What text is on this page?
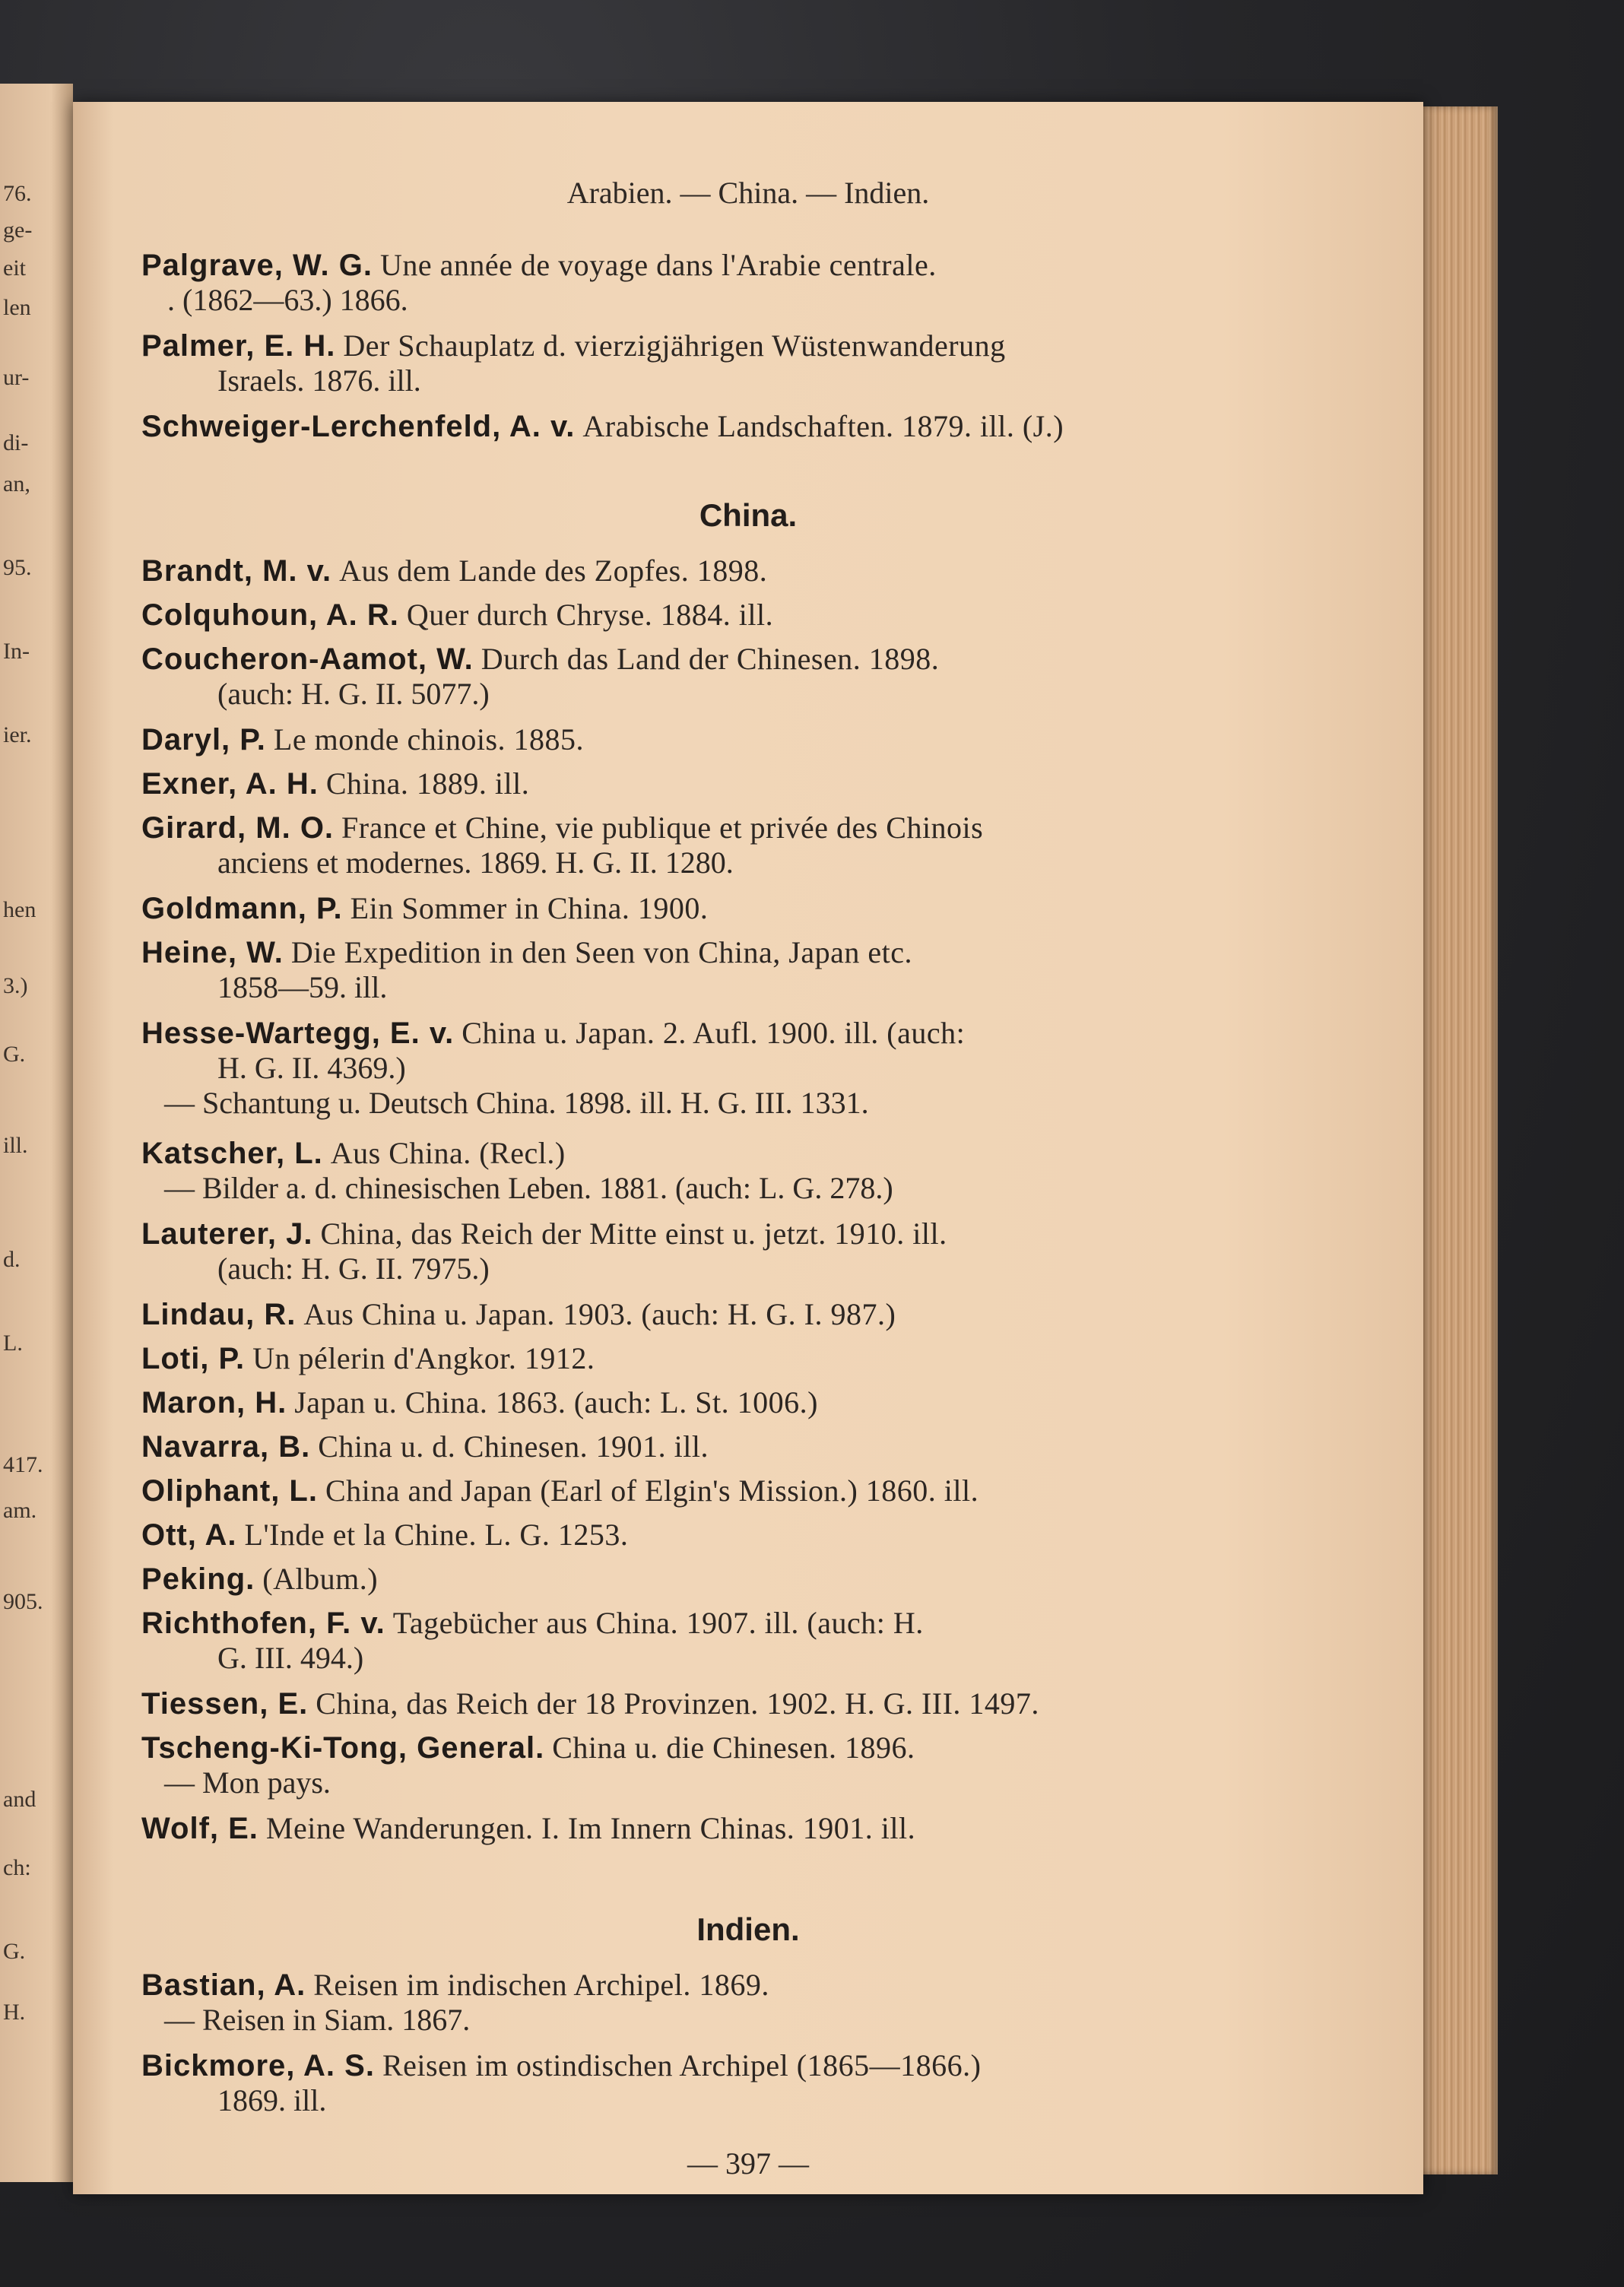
76.
ge-
eit
len
ur-
di-
an,
95.
In-
ier.
hen
3.)
G.
ill.
d.
L.
417.
am.
905.
and
ch:
G.
H.
Arabien. — China. — Indien.
Palgrave, W. G. Une année de voyage dans l'Arabie centrale.
. (1862—63.) 1866.
Palmer, E. H. Der Schauplatz d. vierzigjährigen Wüstenwanderung
Israels. 1876. ill.
Schweiger-Lerchenfeld, A. v. Arabische Landschaften. 1879. ill. (J.)
China.
Brandt, M. v. Aus dem Lande des Zopfes. 1898.
Colquhoun, A. R. Quer durch Chryse. 1884. ill.
Coucheron-Aamot, W. Durch das Land der Chinesen. 1898.
(auch: H. G. II. 5077.)
Daryl, P. Le monde chinois. 1885.
Exner, A. H. China. 1889. ill.
Girard, M. O. France et Chine, vie publique et privée des Chinois
anciens et modernes. 1869. H. G. II. 1280.
Goldmann, P. Ein Sommer in China. 1900.
Heine, W. Die Expedition in den Seen von China, Japan etc.
1858—59. ill.
Hesse-Wartegg, E. v. China u. Japan. 2. Aufl. 1900. ill. (auch:
H. G. II. 4369.)
— Schantung u. Deutsch China. 1898. ill. H. G. III. 1331.
Katscher, L. Aus China. (Recl.)
— Bilder a. d. chinesischen Leben. 1881. (auch: L. G. 278.)
Lauterer, J. China, das Reich der Mitte einst u. jetzt. 1910. ill.
(auch: H. G. II. 7975.)
Lindau, R. Aus China u. Japan. 1903. (auch: H. G. I. 987.)
Loti, P. Un pélerin d'Angkor. 1912.
Maron, H. Japan u. China. 1863. (auch: L. St. 1006.)
Navarra, B. China u. d. Chinesen. 1901. ill.
Oliphant, L. China and Japan (Earl of Elgin's Mission.) 1860. ill.
Ott, A. L'Inde et la Chine. L. G. 1253.
Peking. (Album.)
Richthofen, F. v. Tagebücher aus China. 1907. ill. (auch: H.
G. III. 494.)
Tiessen, E. China, das Reich der 18 Provinzen. 1902. H. G. III. 1497.
Tscheng-Ki-Tong, General. China u. die Chinesen. 1896.
— Mon pays.
Wolf, E. Meine Wanderungen. I. Im Innern Chinas. 1901. ill.
Indien.
Bastian, A. Reisen im indischen Archipel. 1869.
— Reisen in Siam. 1867.
Bickmore, A. S. Reisen im ostindischen Archipel (1865—1866.)
1869. ill.
— 397 —
